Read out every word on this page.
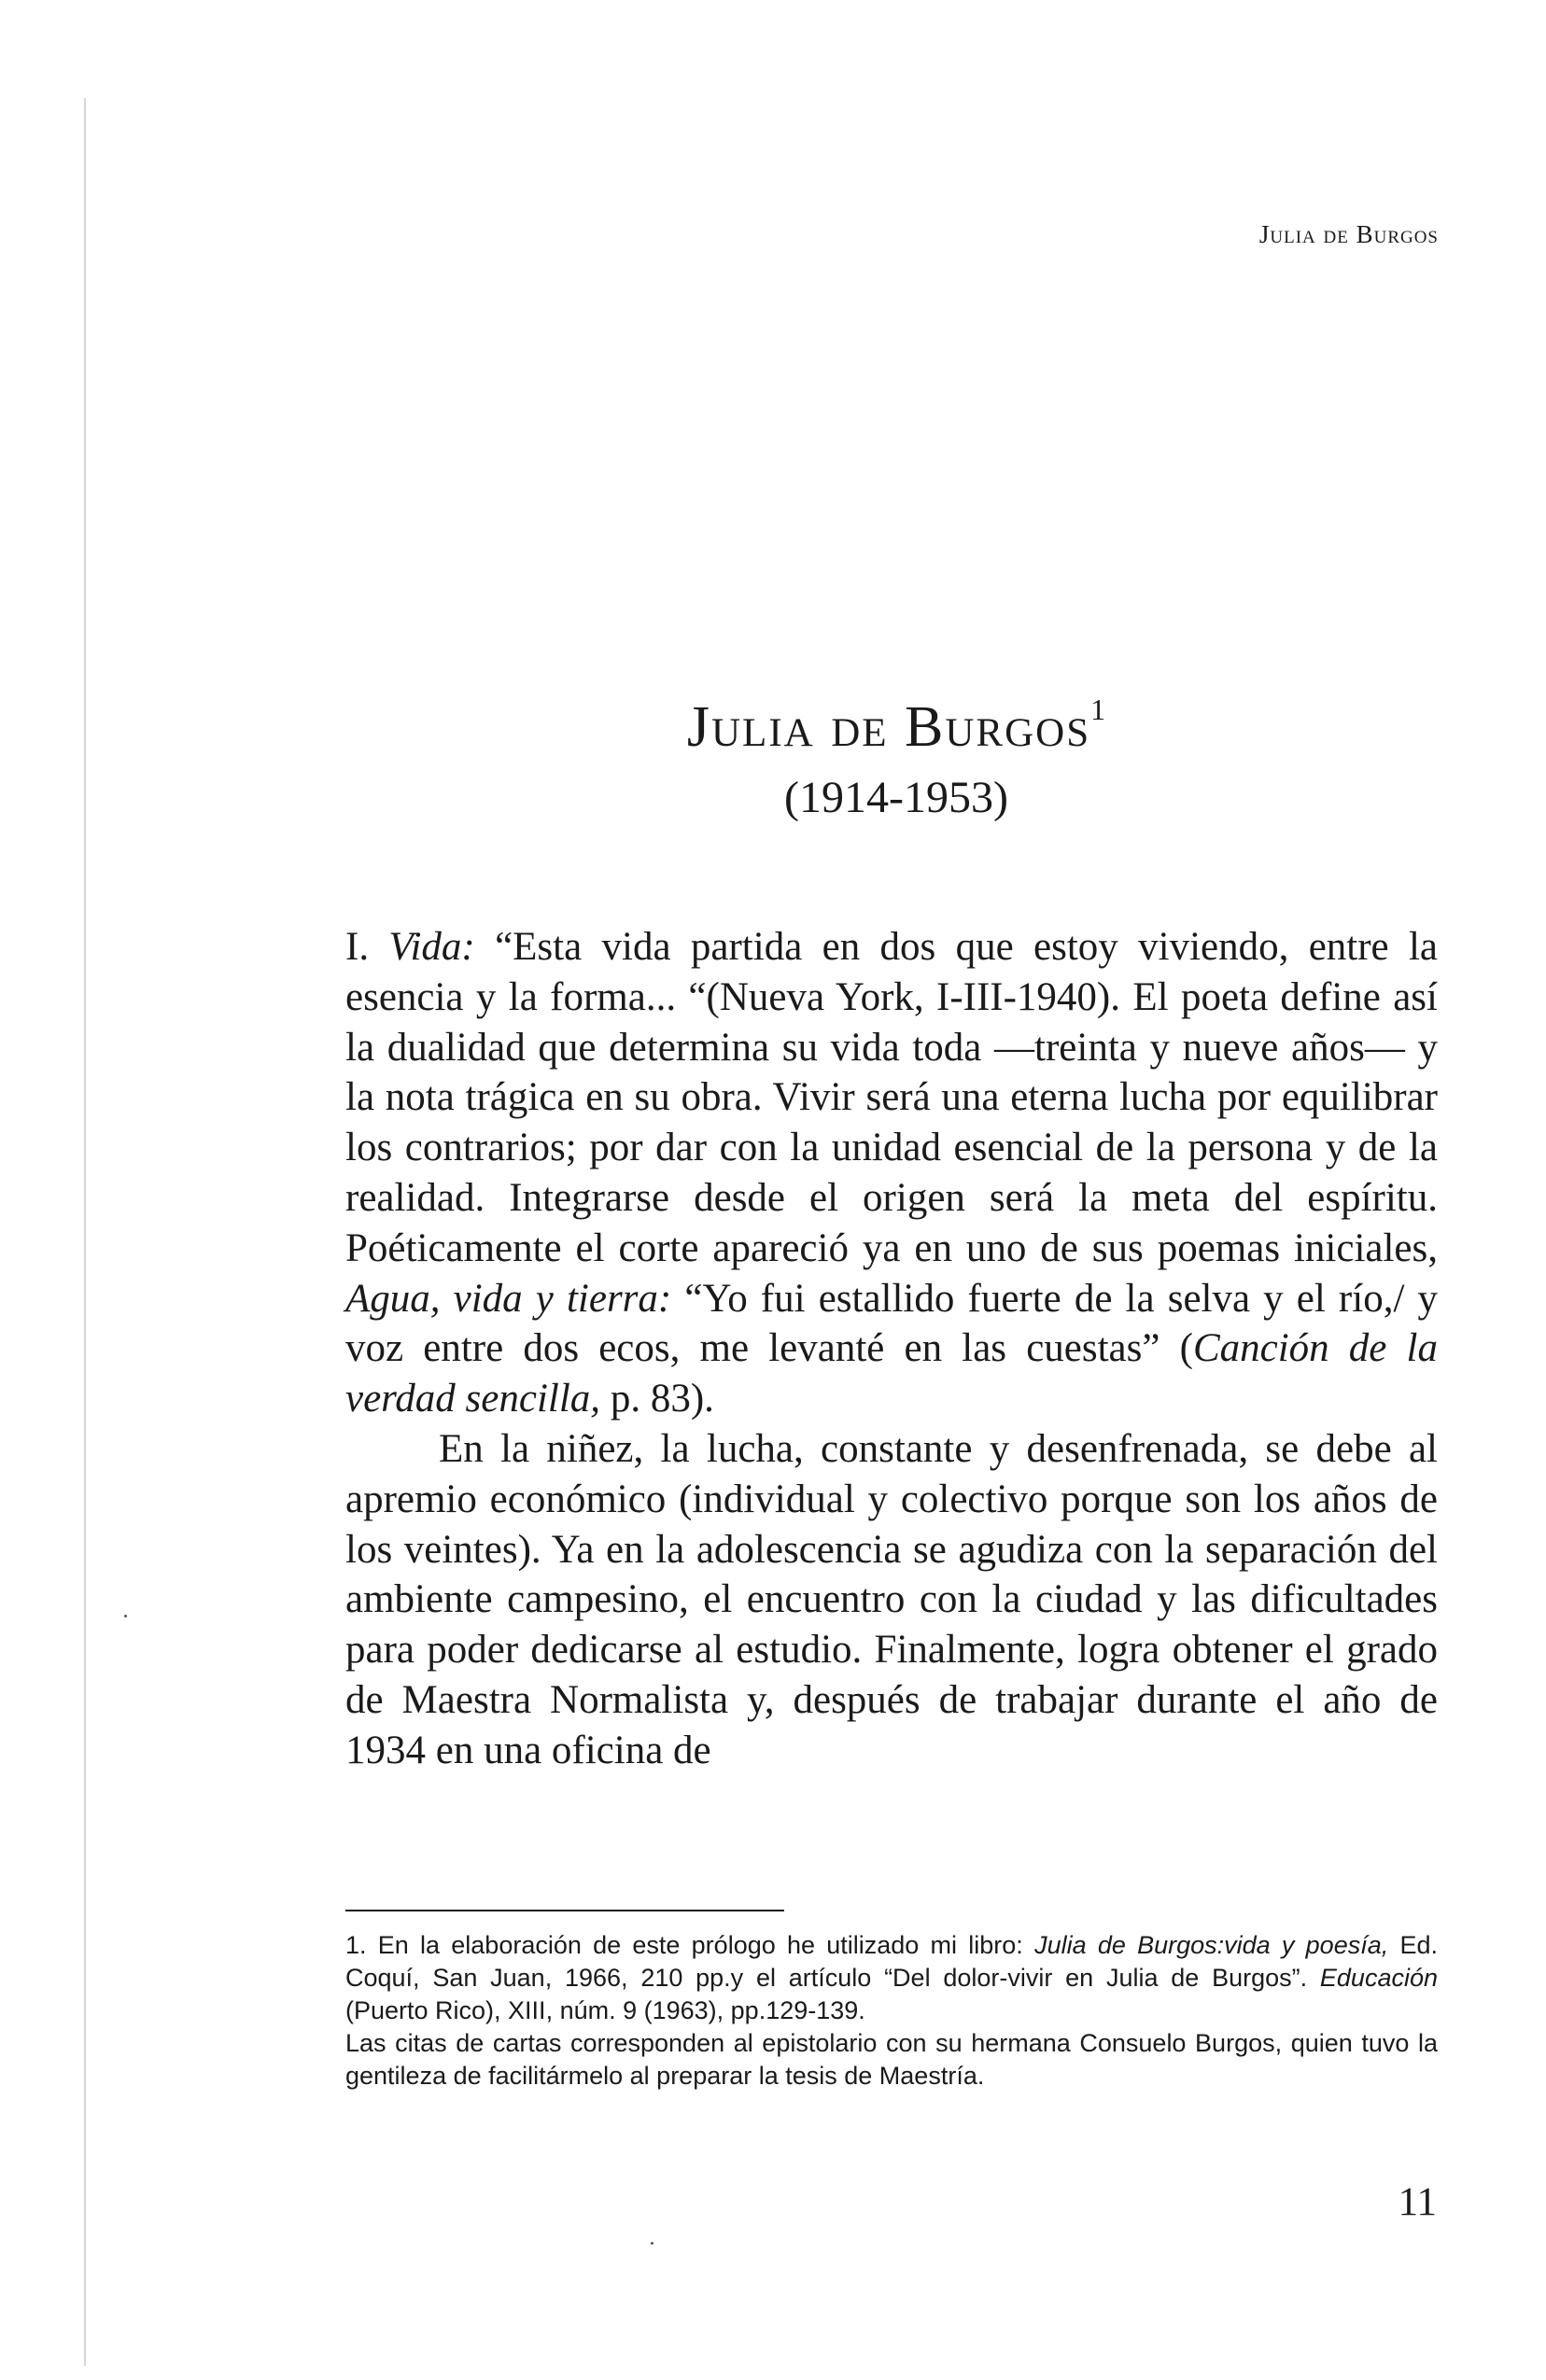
Julia de Burgos
Julia de Burgos$^1$
(1914-1953)

I. Vida: “Esta vida partida en dos que estoy viviendo, entre la esencia y la forma... “(Nueva York, I-III-1940). El poeta define así la dualidad que determina su vida toda —treinta y nueve años— y la nota trágica en su obra. Vivir será una eterna lucha por equilibrar los contrarios; por dar con la unidad esencial de la persona y de la realidad. Integrarse desde el origen será la meta del espíritu. Poéticamente el corte apareció ya en uno de sus poemas iniciales, Agua, vida y tierra: “Yo fui estallido fuerte de la selva y el río,/ y voz entre dos ecos, me levanté en las cuestas” (Canción de la verdad sencilla, p. 83).

En la niñez, la lucha, constante y desenfrenada, se debe al apremio económico (individual y colectivo porque son los años de los veintes). Ya en la adolescencia se agudiza con la separación del ambiente campesino, el encuentro con la ciudad y las dificultades para poder dedicarse al estudio. Finalmente, logra obtener el grado de Maestra Normalista y, después de trabajar durante el año de 1934 en una oficina de

1. En la elaboración de este prólogo he utilizado mi libro: Julia de Burgos:vida y poesía, Ed. Coquí, San Juan, 1966, 210 pp.y el artículo “Del dolor-vivir en Julia de Burgos”. Educación (Puerto Rico), XIII, núm. 9 (1963), pp.129-139.

Las citas de cartas corresponden al epistolario con su hermana Consuelo Burgos, quien tuvo la gentileza de facilitármelo al preparar la tesis de Maestría.

11
